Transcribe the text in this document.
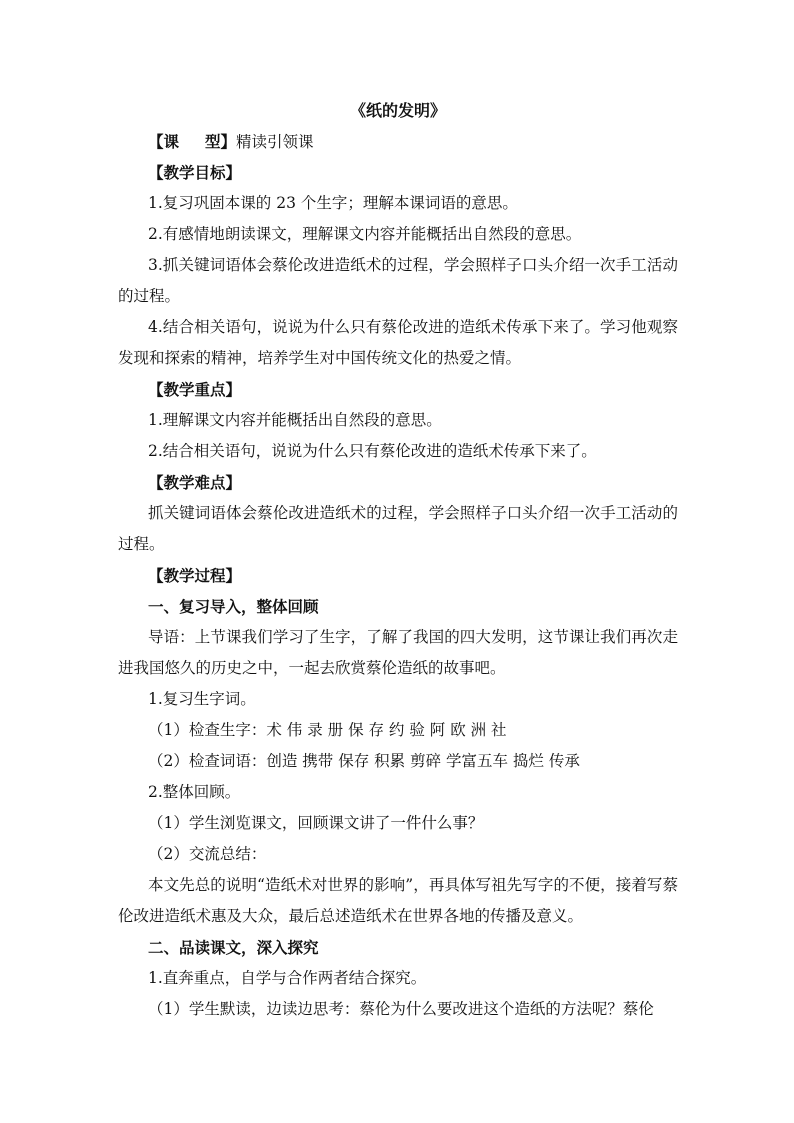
《纸的发明》
【课 型】精读引领课
【教学目标】
1.复习巩固本课的 23 个生字；理解本课词语的意思。
2.有感情地朗读课文，理解课文内容并能概括出自然段的意思。
3.抓关键词语体会蔡伦改进造纸术的过程，学会照样子口头介绍一次手工活动的过程。
4.结合相关语句，说说为什么只有蔡伦改进的造纸术传承下来了。学习他观察发现和探索的精神，培养学生对中国传统文化的热爱之情。
【教学重点】
1.理解课文内容并能概括出自然段的意思。
2.结合相关语句，说说为什么只有蔡伦改进的造纸术传承下来了。
【教学难点】
抓关键词语体会蔡伦改进造纸术的过程，学会照样子口头介绍一次手工活动的过程。
【教学过程】
一、复习导入，整体回顾
导语：上节课我们学习了生字，了解了我国的四大发明，这节课让我们再次走进我国悠久的历史之中，一起去欣赏蔡伦造纸的故事吧。
1.复习生字词。
（1）检查生字：术 伟 录 册 保 存 约 验 阿 欧 洲 社
（2）检查词语：创造 携带 保存 积累 剪碎 学富五车 捣烂 传承
2.整体回顾。
（1）学生浏览课文，回顾课文讲了一件什么事？
（2）交流总结：
本文先总的说明“造纸术对世界的影响”，再具体写祖先写字的不便，接着写蔡伦改进造纸术惠及大众，最后总述造纸术在世界各地的传播及意义。
二、品读课文，深入探究
1.直奔重点，自学与合作两者结合探究。
（1）学生默读，边读边思考：蔡伦为什么要改进这个造纸的方法呢？蔡伦
